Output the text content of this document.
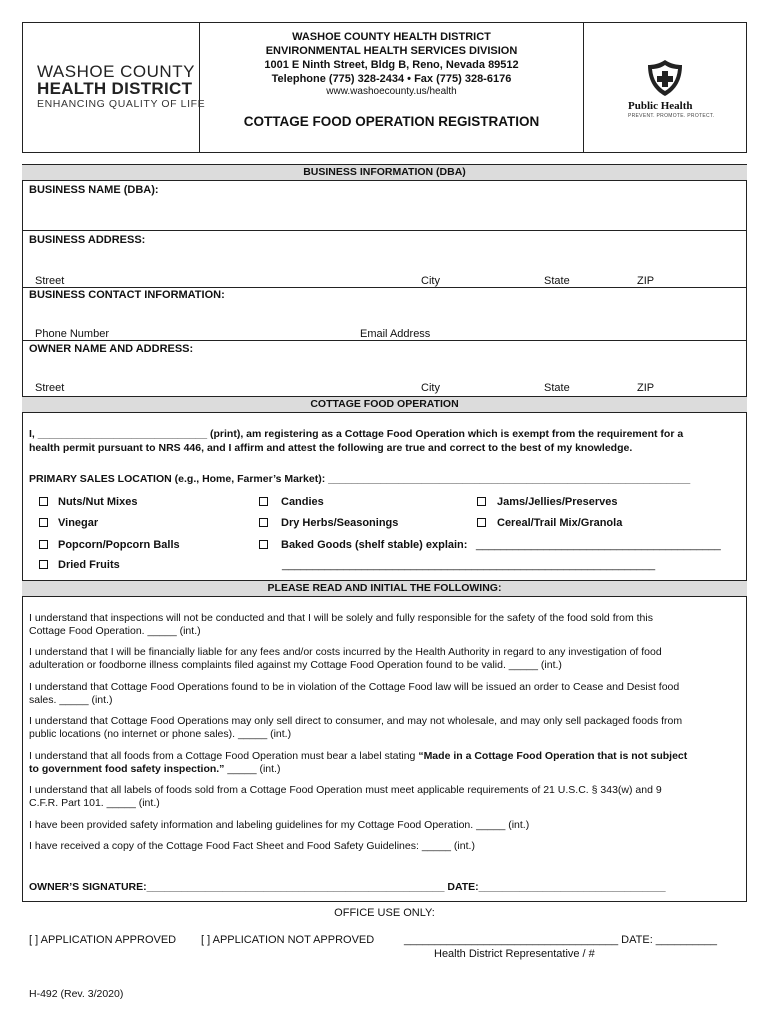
WASHOE COUNTY
HEALTH DISTRICT
ENHANCING QUALITY OF LIFE
WASHOE COUNTY HEALTH DISTRICT
ENVIRONMENTAL HEALTH SERVICES DIVISION
1001 E Ninth Street, Bldg B, Reno, Nevada 89512
Telephone (775) 328-2434 • Fax (775) 328-6176
www.washoecounty.us/health
COTTAGE FOOD OPERATION REGISTRATION
Public Health
PREVENT. PROMOTE. PROTECT.
BUSINESS INFORMATION (DBA)
BUSINESS NAME (DBA):
BUSINESS ADDRESS:
Street	City	State	ZIP
BUSINESS CONTACT INFORMATION:
Phone Number	Email Address
OWNER NAME AND ADDRESS:
Street	City	State	ZIP
COTTAGE FOOD OPERATION
I, _____________________________ (print), am registering as a Cottage Food Operation which is exempt from the requirement for a
health permit pursuant to NRS 446, and I affirm and attest the following are true and correct to the best of my knowledge.
PRIMARY SALES LOCATION (e.g., Home, Farmer’s Market): ______________________________________________________________
Nuts/Nut Mixes	Candies	Jams/Jellies/Preserves
Vinegar	Dry Herbs/Seasonings	Cereal/Trail Mix/Granola
Popcorn/Popcorn Balls	Baked Goods (shelf stable) explain: ________________________________________
Dried Fruits	_____________________________________________________________
PLEASE READ AND INITIAL THE FOLLOWING:
I understand that inspections will not be conducted and that I will be solely and fully responsible for the safety of the food sold from this
Cottage Food Operation. _____ (int.)
I understand that I will be financially liable for any fees and/or costs incurred by the Health Authority in regard to any investigation of food
adulteration or foodborne illness complaints filed against my Cottage Food Operation found to be valid. _____ (int.)
I understand that Cottage Food Operations found to be in violation of the Cottage Food law will be issued an order to Cease and Desist food
sales. _____ (int.)
I understand that Cottage Food Operations may only sell direct to consumer, and may not wholesale, and may only sell packaged foods from
public locations (no internet or phone sales). _____ (int.)
I understand that all foods from a Cottage Food Operation must bear a label stating “Made in a Cottage Food Operation that is not subject
to government food safety inspection.” _____ (int.)
I understand that all labels of foods sold from a Cottage Food Operation must meet applicable requirements of 21 U.S.C. § 343(w) and 9
C.F.R. Part 101. _____ (int.)
I have been provided safety information and labeling guidelines for my Cottage Food Operation. _____ (int.)
I have received a copy of the Cottage Food Fact Sheet and Food Safety Guidelines: _____ (int.)
OWNER’S SIGNATURE:___________________________________________________ DATE:________________________________
OFFICE USE ONLY:
[ ] APPLICATION APPROVED [ ] APPLICATION NOT APPROVED	___________________________________ DATE: __________
Health District Representative / #
H-492 (Rev. 3/2020)
